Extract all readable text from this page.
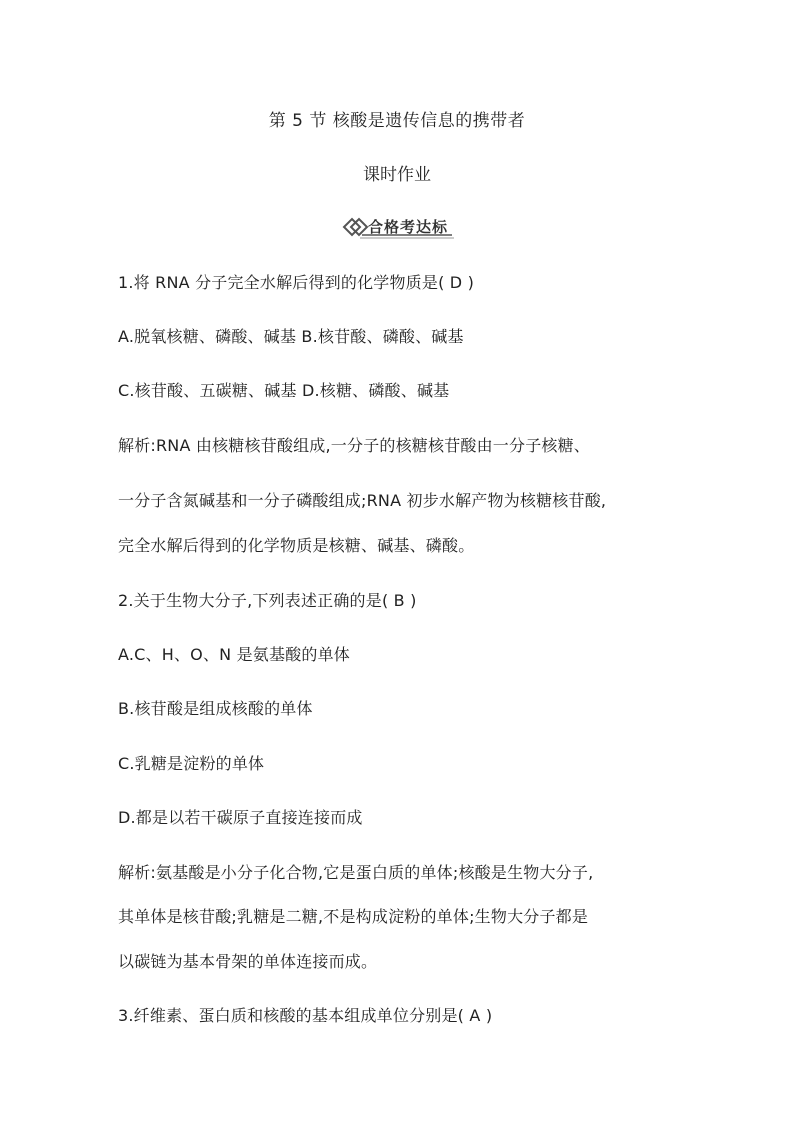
第 5 节 核酸是遗传信息的携带者
课时作业
合格考达标
1.将 RNA 分子完全水解后得到的化学物质是( D )
A.脱氧核糖、磷酸、碱基 B.核苷酸、磷酸、碱基
C.核苷酸、五碳糖、碱基 D.核糖、磷酸、碱基
解析:RNA 由核糖核苷酸组成,一分子的核糖核苷酸由一分子核糖、
一分子含氮碱基和一分子磷酸组成;RNA 初步水解产物为核糖核苷酸,
完全水解后得到的化学物质是核糖、碱基、磷酸。
2.关于生物大分子,下列表述正确的是( B )
A.C、H、O、N 是氨基酸的单体
B.核苷酸是组成核酸的单体
C.乳糖是淀粉的单体
D.都是以若干碳原子直接连接而成
解析:氨基酸是小分子化合物,它是蛋白质的单体;核酸是生物大分子,
其单体是核苷酸;乳糖是二糖,不是构成淀粉的单体;生物大分子都是
以碳链为基本骨架的单体连接而成。
3.纤维素、蛋白质和核酸的基本组成单位分别是( A )
